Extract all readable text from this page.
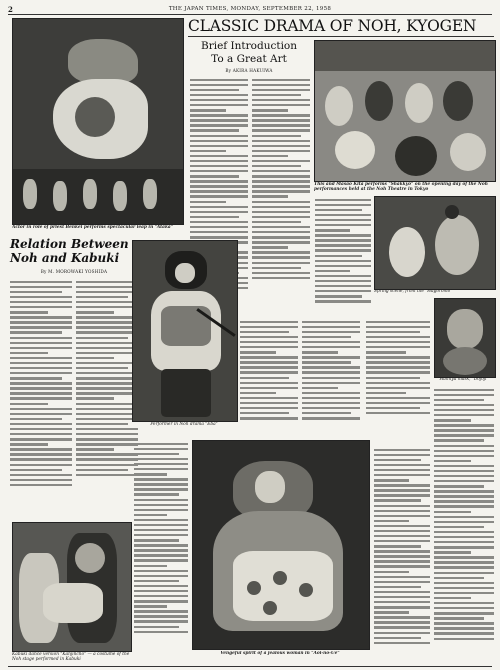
2	THE JAPAN TIMES, MONDAY, SEPTEMBER 22, 1958
Actor in role of priest Benkei performs spectacular leap in "Ataka"
CLASSIC DRAMA OF NOH, KYOGEN
Brief Introduction
To a Great Art
By AKIRA HAKUIWA
This and Masao Kita performs "Shakkyo" on the opening day of the Noh performances held at the Noh Theatre in Tokyo
Spring scene, from the "Hagoromo"
Hannya mask, "Dojoji"
Relation Between
Noh and Kabuki
By M. MOROWAKI YOSHIDA
Performer in Noh drama "Eba"
Kabuki dance version "Kanjincho" — a costume of the Noh stage performed in Kabuki
Vengeful spirit of a jealous woman in "Aoi-no-Ue"
